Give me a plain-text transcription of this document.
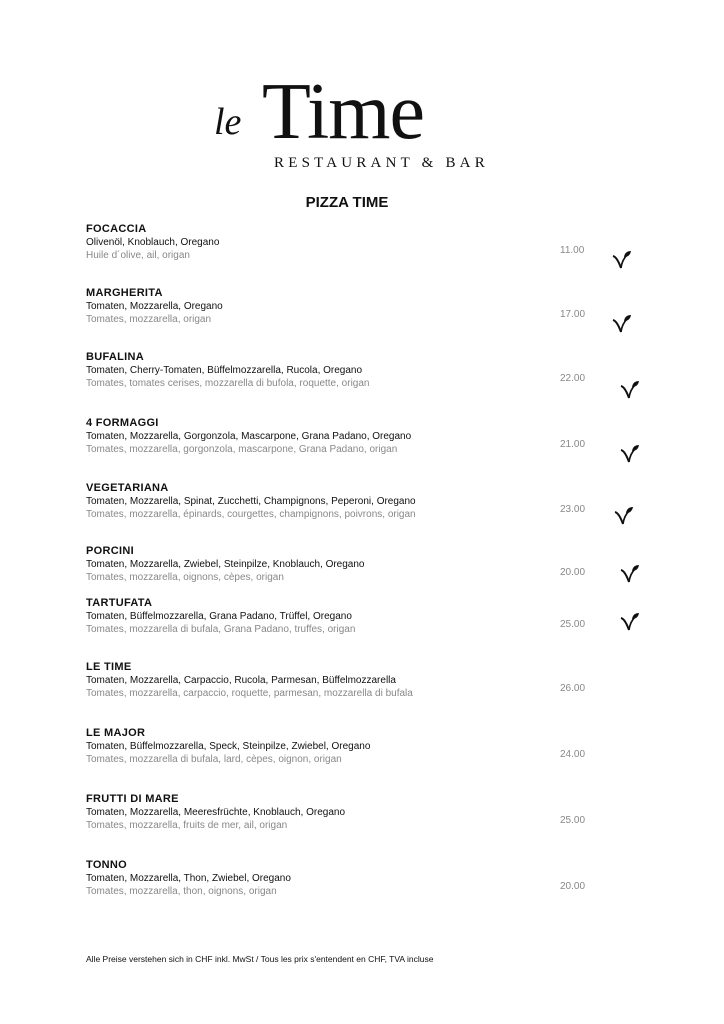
le Time
RESTAURANT & BAR
PIZZA TIME
FOCACCIA
Olivenöl, Knoblauch, Oregano
Huile d´olive, ail, origan	11.00
MARGHERITA
Tomaten, Mozzarella, Oregano
Tomates, mozzarella, origan	17.00
BUFALINA
Tomaten, Cherry-Tomaten, Büffelmozzarella, Rucola, Oregano
Tomates, tomates cerises, mozzarella di bufola, roquette, origan	22.00
4 FORMAGGI
Tomaten, Mozzarella, Gorgonzola, Mascarpone, Grana Padano, Oregano
Tomates, mozzarella, gorgonzola, mascarpone, Grana Padano, origan	21.00
VEGETARIANA
Tomaten, Mozzarella, Spinat, Zucchetti, Champignons, Peperoni, Oregano
Tomates, mozzarella, épinards, courgettes, champignons, poivrons, origan	23.00
PORCINI
Tomaten, Mozzarella, Zwiebel, Steinpilze, Knoblauch, Oregano
Tomates, mozzarella, oignons, cèpes, origan	20.00
TARTUFATA
Tomaten, Büffelmozzarella, Grana Padano, Trüffel, Oregano
Tomates, mozzarella di bufala, Grana Padano, truffes, origan	25.00
LE TIME
Tomaten, Mozzarella, Carpaccio, Rucola, Parmesan, Büffelmozzarella
Tomates, mozzarella, carpaccio, roquette, parmesan, mozzarella di bufala	26.00
LE MAJOR
Tomaten, Büffelmozzarella, Speck, Steinpilze, Zwiebel, Oregano
Tomates, mozzarella di bufala, lard, cèpes, oignon, origan	24.00
FRUTTI DI MARE
Tomaten, Mozzarella, Meeresfrüchte, Knoblauch, Oregano
Tomates, mozzarella, fruits de mer, ail, origan	25.00
TONNO
Tomaten, Mozzarella, Thon, Zwiebel, Oregano
Tomates, mozzarella, thon, oignons, origan	20.00
Alle Preise verstehen sich in CHF inkl. MwSt / Tous les prix s'entendent en CHF, TVA incluse
